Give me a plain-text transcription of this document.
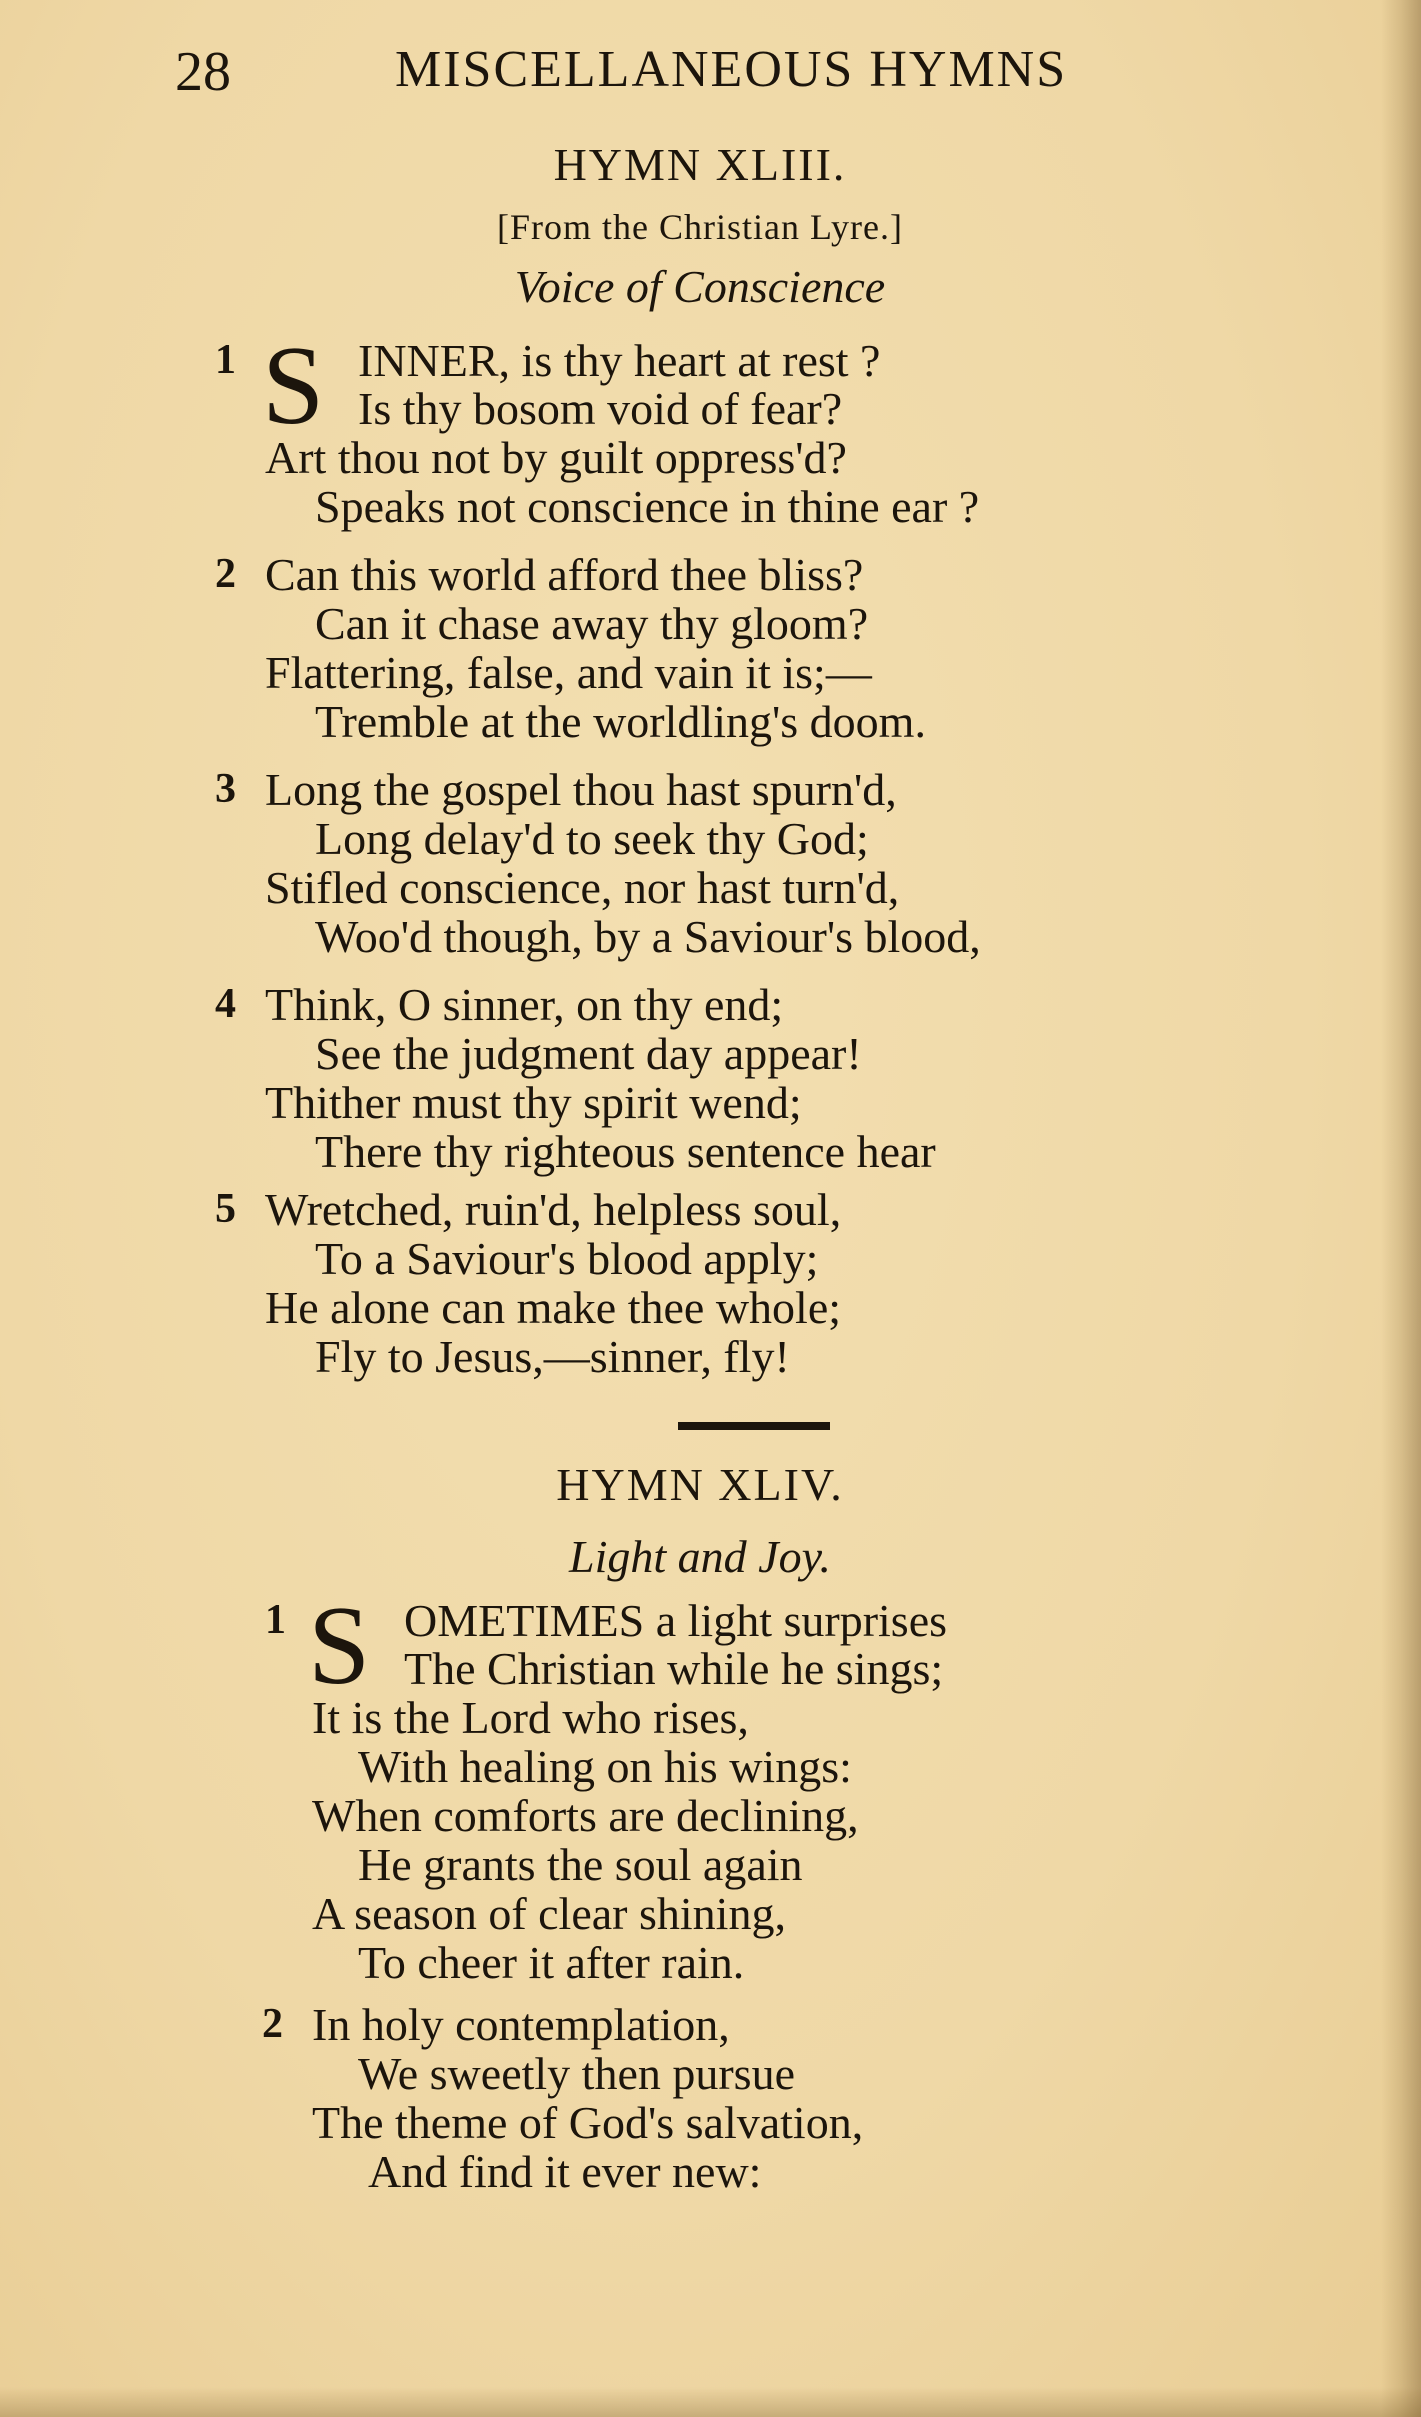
28	MISCELLANEOUS HYMNS
HYMN XLIII.
[From the Christian Lyre.]
Voice of Conscience
1 S INNER, is thy heart at rest ?
Is thy bosom void of fear?
Art thou not by guilt oppress'd?
Speaks not conscience in thine ear ?
2 Can this world afford thee bliss?
Can it chase away thy gloom?
Flattering, false, and vain it is;—
Tremble at the worldling's doom.
3 Long the gospel thou hast spurn'd,
Long delay'd to seek thy God;
Stifled conscience, nor hast turn'd,
Woo'd though, by a Saviour's blood,
4 Think, O sinner, on thy end;
See the judgment day appear!
Thither must thy spirit wend;
There thy righteous sentence hear
5 Wretched, ruin'd, helpless soul,
To a Saviour's blood apply;
He alone can make thee whole;
Fly to Jesus,—sinner, fly!
HYMN XLIV.
Light and Joy.
1 S OMETIMES a light surprises
The Christian while he sings;
It is the Lord who rises,
With healing on his wings:
When comforts are declining,
He grants the soul again
A season of clear shining,
To cheer it after rain.
2 In holy contemplation,
We sweetly then pursue
The theme of God's salvation,
And find it ever new:
